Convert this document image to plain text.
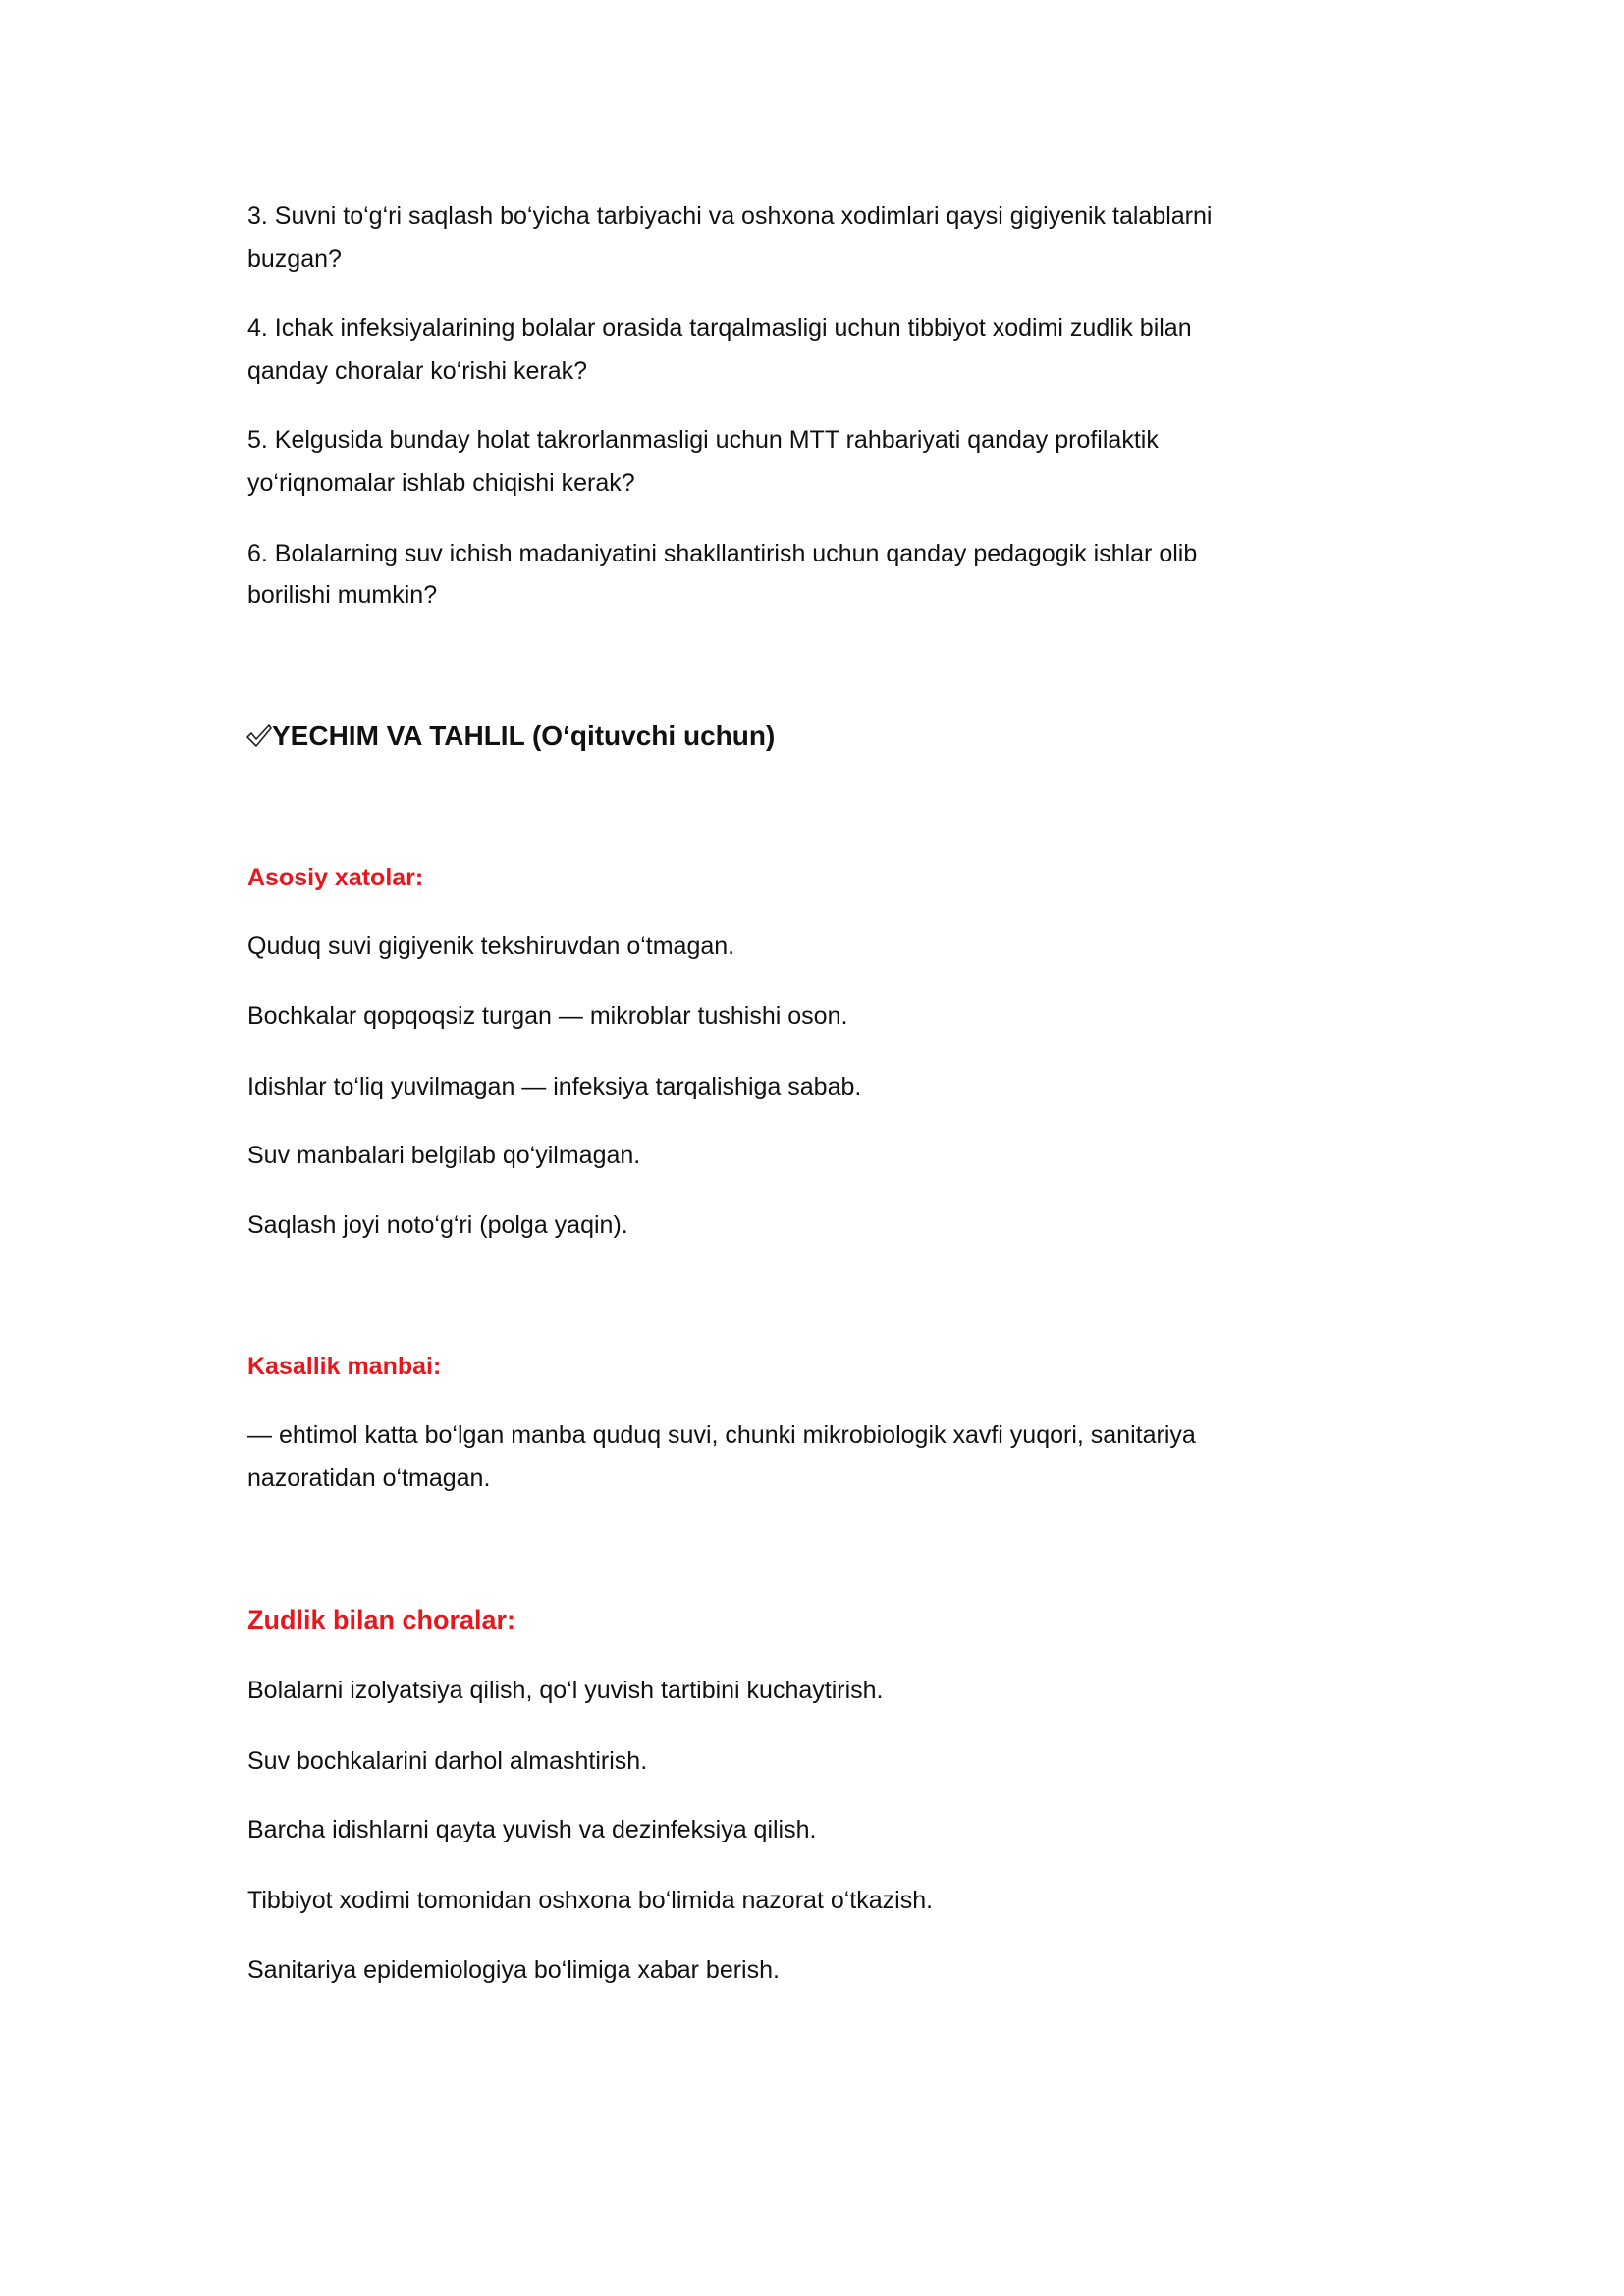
3. Suvni to‘g‘ri saqlash bo‘yicha tarbiyachi va oshxona xodimlari qaysi gigiyenik talablarni
buzgan?
4. Ichak infeksiyalarining bolalar orasida tarqalmasligi uchun tibbiyot xodimi zudlik bilan
qanday choralar ko‘rishi kerak?
5. Kelgusida bunday holat takrorlanmasligi uchun MTT rahbariyati qanday profilaktik
yo‘riqnomalar ishlab chiqishi kerak?
6. Bolalarning suv ichish madaniyatini shakllantirish uchun qanday pedagogik ishlar olib
borilishi mumkin?
YECHIM VA TAHLIL (O‘qituvchi uchun)
Asosiy xatolar:
Quduq suvi gigiyenik tekshiruvdan o‘tmagan.
Bochkalar qopqoqsiz turgan — mikroblar tushishi oson.
Idishlar to‘liq yuvilmagan — infeksiya tarqalishiga sabab.
Suv manbalari belgilab qo‘yilmagan.
Saqlash joyi noto‘g‘ri (polga yaqin).
Kasallik manbai:
— ehtimol katta bo‘lgan manba quduq suvi, chunki mikrobiologik xavfi yuqori, sanitariya
nazoratidan o‘tmagan.
Zudlik bilan choralar:
Bolalarni izolyatsiya qilish, qo‘l yuvish tartibini kuchaytirish.
Suv bochkalarini darhol almashtirish.
Barcha idishlarni qayta yuvish va dezinfeksiya qilish.
Tibbiyot xodimi tomonidan oshxona bo‘limida nazorat o‘tkazish.
Sanitariya epidemiologiya bo‘limiga xabar berish.
